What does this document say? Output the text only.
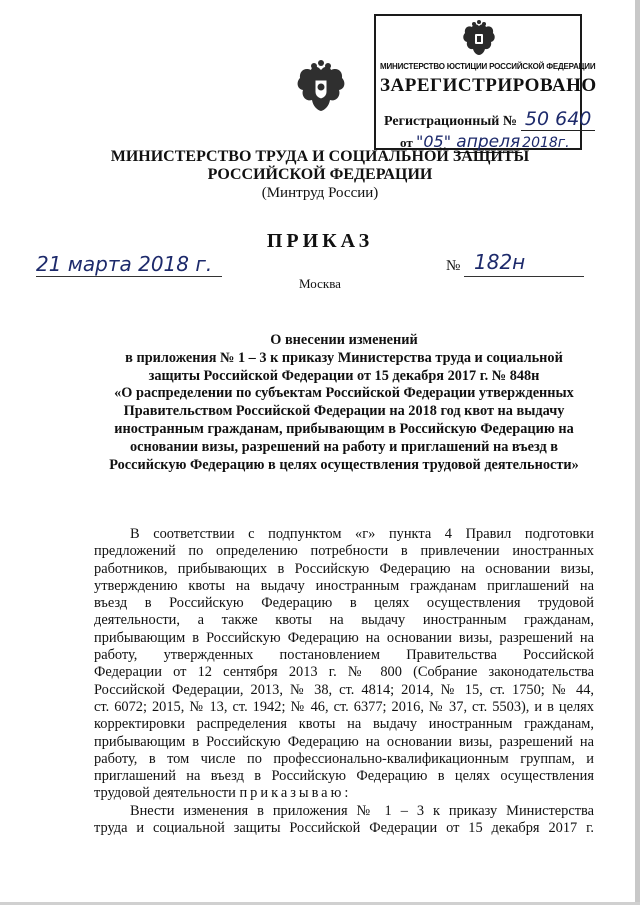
МИНИСТЕРСТВО ЮСТИЦИИ РОССИЙСКОЙ ФЕДЕРАЦИИ
ЗАРЕГИСТРИРОВАНО
Регистрационный № 50 640
от "05" апреля 2018г.
МИНИСТЕРСТВО ТРУДА И СОЦИАЛЬНОЙ ЗАЩИТЫ
РОССИЙСКОЙ ФЕДЕРАЦИИ
(Минтруд России)
ПРИКАЗ
21 марта 2018 г.	№ 182н
Москва
О внесении изменений
в приложения № 1 – 3 к приказу Министерства труда и социальной
защиты Российской Федерации от 15 декабря 2017 г. № 848н
«О распределении по субъектам Российской Федерации утвержденных
Правительством Российской Федерации на 2018 год квот на выдачу
иностранным гражданам, прибывающим в Российскую Федерацию на
основании визы, разрешений на работу и приглашений на въезд в
Российскую Федерацию в целях осуществления трудовой деятельности»
В соответствии с подпунктом «г» пункта 4 Правил подготовки
предложений по определению потребности в привлечении иностранных
работников, прибывающих в Российскую Федерацию на основании визы,
утверждению квоты на выдачу иностранным гражданам приглашений на
въезд в Российскую Федерацию в целях осуществления трудовой
деятельности, а также квоты на выдачу иностранным гражданам,
прибывающим в Российскую Федерацию на основании визы, разрешений на
работу, утвержденных постановлением Правительства Российской
Федерации от 12 сентября 2013 г. № 800 (Собрание законодательства
Российской Федерации, 2013, № 38, ст. 4814; 2014, № 15, ст. 1750; № 44,
ст. 6072; 2015, № 13, ст. 1942; № 46, ст. 6377; 2016, № 37, ст. 5503), и в целях
корректировки распределения квоты на выдачу иностранным гражданам,
прибывающим в Российскую Федерацию на основании визы, разрешений на
работу, в том числе по профессионально-квалификационным группам, и
приглашений на въезд в Российскую Федерацию в целях осуществления
трудовой деятельности приказываю:
Внести изменения в приложения № 1 – 3 к приказу Министерства
труда и социальной защиты Российской Федерации от 15 декабря 2017 г.
